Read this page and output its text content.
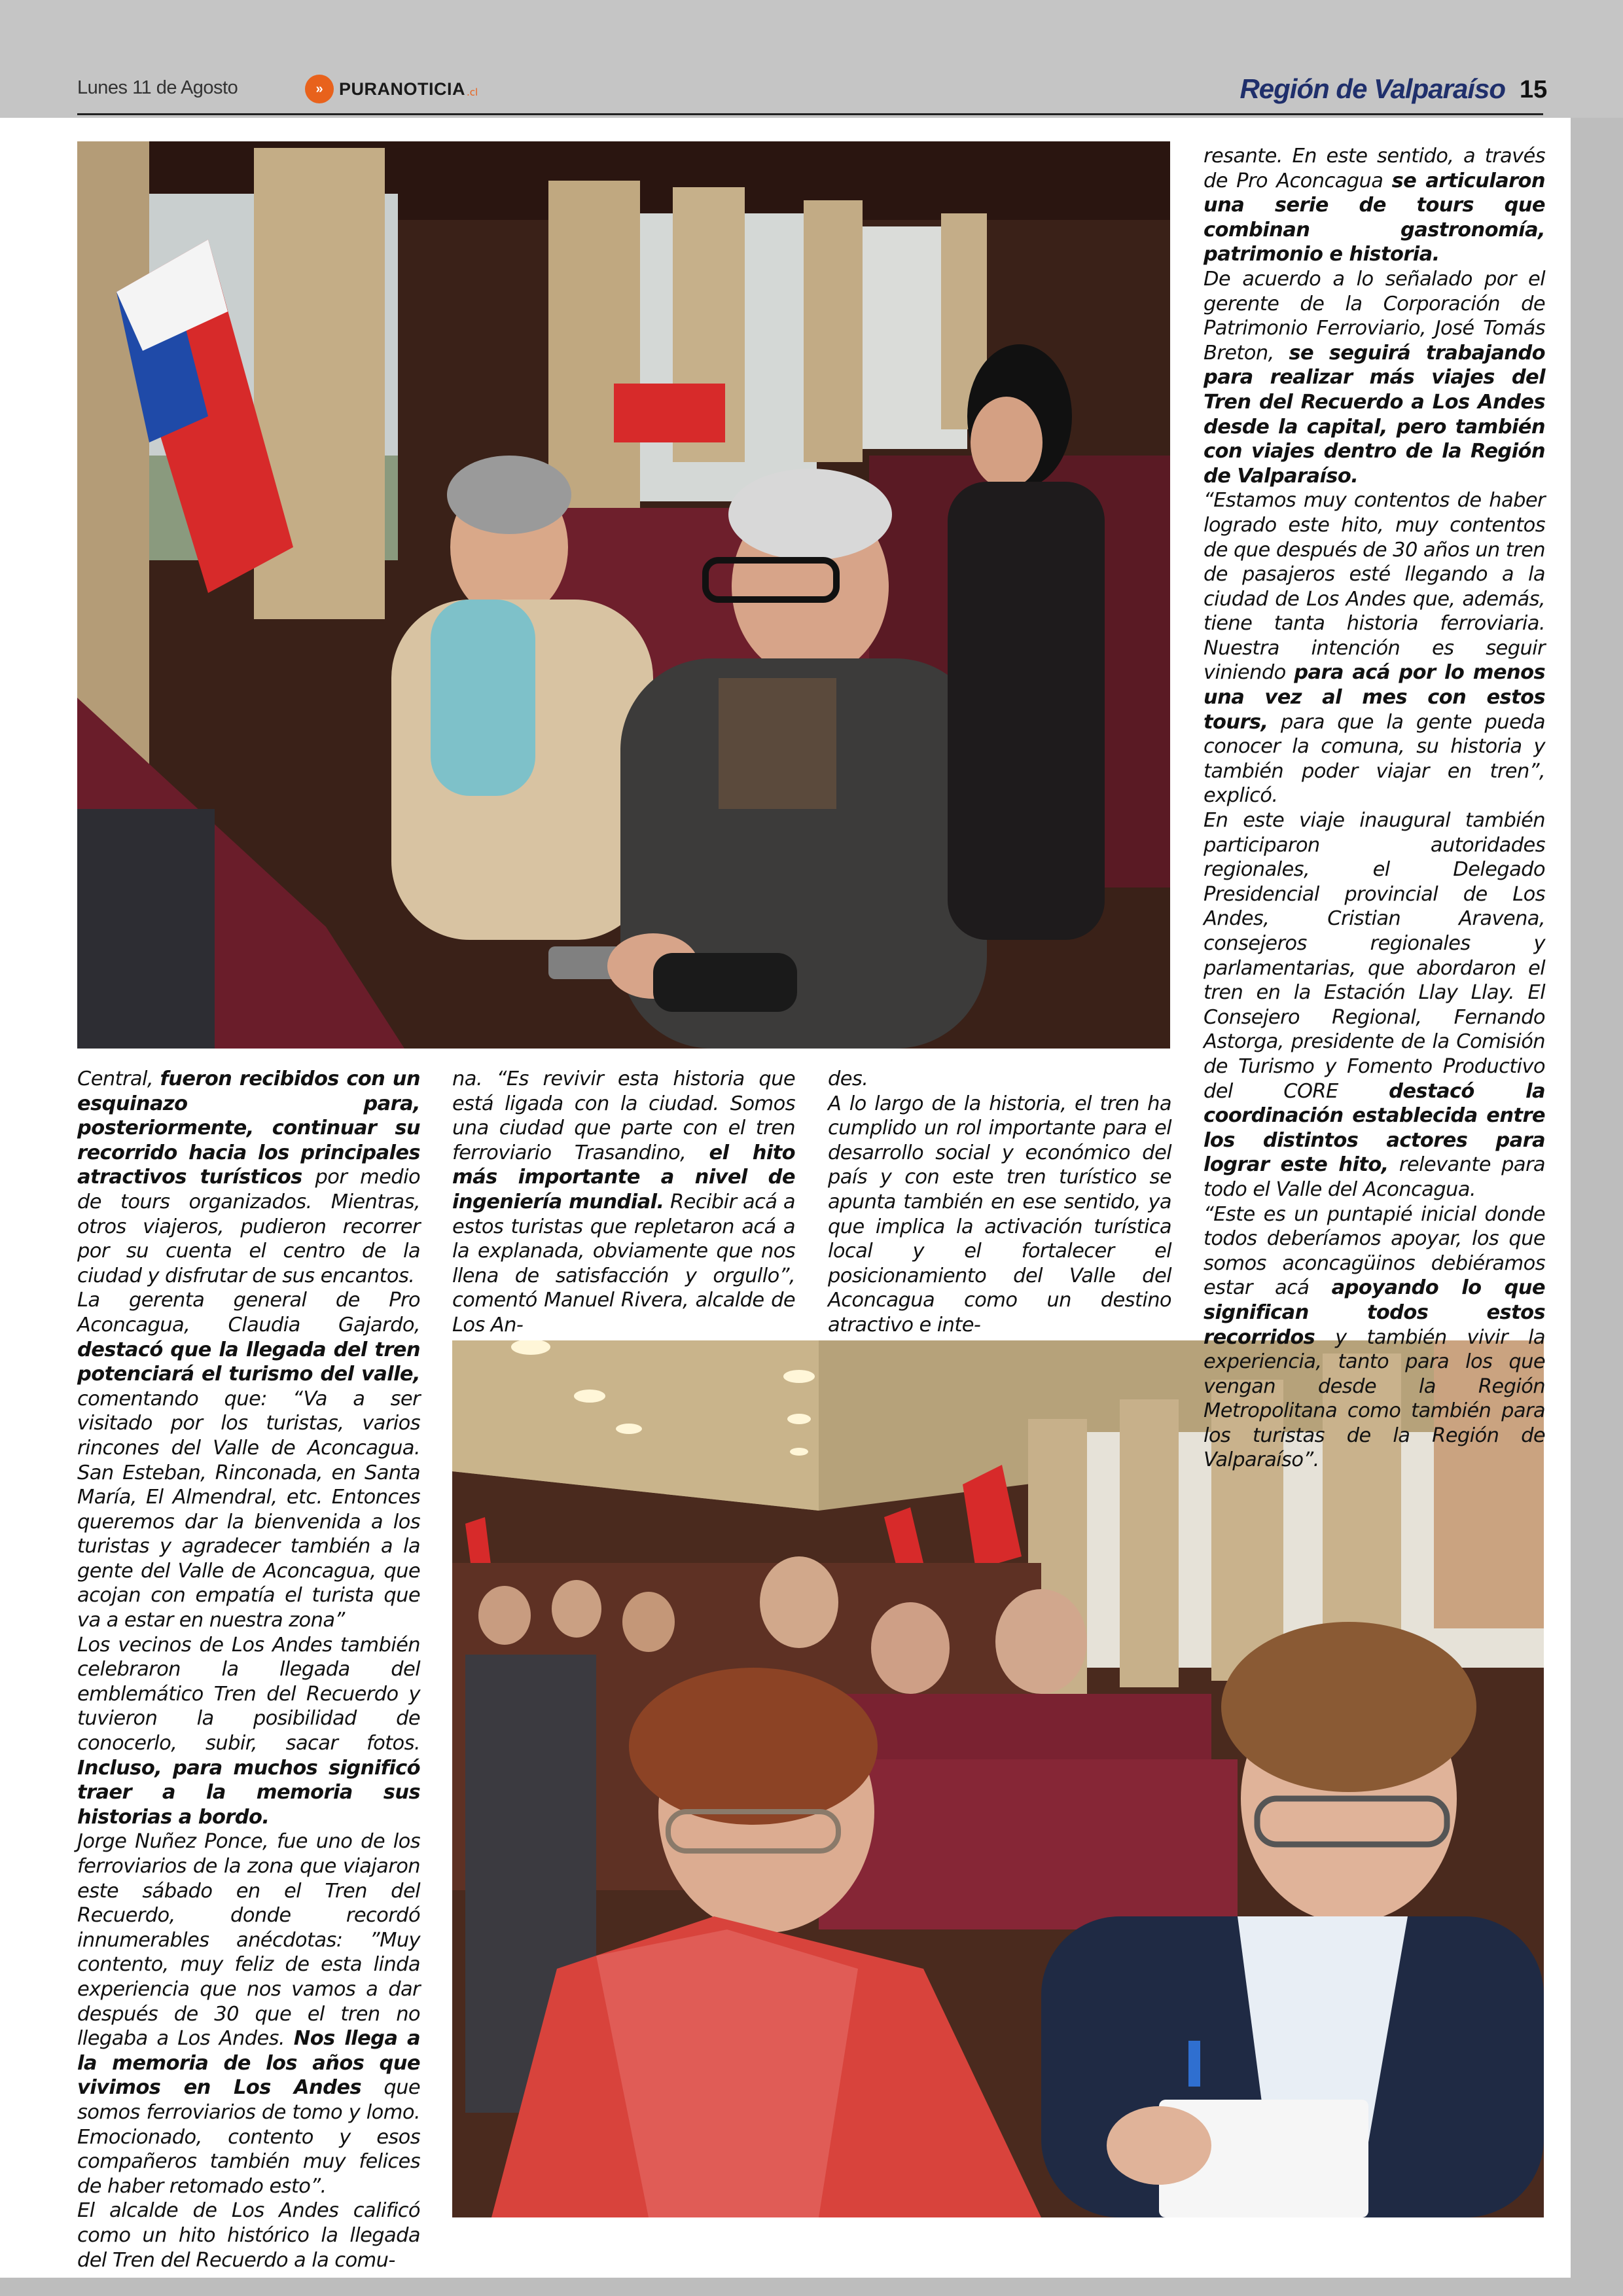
Lunes 11 de Agosto	» PURANOTICIA .cl	Región de Valparaíso 15

resante. En este sentido, a través de Pro Aconcagua se articularon una serie de tours que combinan gastronomía, patrimonio e historia.

De acuerdo a lo señalado por el gerente de la Corporación de Patrimonio Ferroviario, José Tomás Breton, se seguirá trabajando para realizar más viajes del Tren del Recuerdo a Los Andes desde la capital, pero también con viajes dentro de la Región de Valparaíso.

“Estamos muy contentos de haber logrado este hito, muy contentos de que después de 30 años un tren de pasajeros esté llegando a la ciudad de Los Andes que, además, tiene tanta historia ferroviaria. Nuestra intención es seguir viniendo para acá por lo menos una vez al mes con estos tours, para que la gente pueda conocer la comuna, su historia y también poder viajar en tren”, explicó.

En este viaje inaugural también participaron autoridades regionales, el Delegado Presidencial provincial de Los Andes, Cristian Aravena, consejeros regionales y parlamentarias, que abordaron el tren en la Estación Llay Llay. El Consejero Regional, Fernando Astorga, presidente de la Comisión de Turismo y Fomento Productivo del CORE destacó la coordinación establecida entre los distintos actores para lograr este hito, relevante para todo el Valle del Aconcagua.

“Este es un puntapié inicial donde todos deberíamos apoyar, los que somos aconcagüinos debiéramos estar acá apoyando lo que significan todos estos recorridos y también vivir la experiencia, tanto para los que vengan desde la Región Metropolitana como también para los turistas de la Región de Valparaíso”.

Central, fueron recibidos con un esquinazo para, posteriormente, continuar su recorrido hacia los principales atractivos turísticos por medio de tours organizados. Mientras, otros viajeros, pudieron recorrer por su cuenta el centro de la ciudad y disfrutar de sus encantos.

La gerenta general de Pro Aconcagua, Claudia Gajardo, destacó que la llegada del tren potenciará el turismo del valle, comentando que: “Va a ser visitado por los turistas, varios rincones del Valle de Aconcagua. San Esteban, Rinconada, en Santa María, El Almendral, etc. Entonces queremos dar la bienvenida a los turistas y agradecer también a la gente del Valle de Aconcagua, que acojan con empatía el turista que va a estar en nuestra zona”

Los vecinos de Los Andes también celebraron la llegada del emblemático Tren del Recuerdo y tuvieron la posibilidad de conocerlo, subir, sacar fotos. Incluso, para muchos significó traer a la memoria sus historias a bordo.

Jorge Nuñez Ponce, fue uno de los ferroviarios de la zona que viajaron este sábado en el Tren del Recuerdo, donde recordó innumerables anécdotas: ”Muy contento, muy feliz de esta linda experiencia que nos vamos a dar después de 30 que el tren no llegaba a Los Andes. Nos llega a la memoria de los años que vivimos en Los Andes que somos ferroviarios de tomo y lomo. Emocionado, contento y esos compañeros también muy felices de haber retomado esto”.

El alcalde de Los Andes calificó como un hito histórico la llegada del Tren del Recuerdo a la comu-

na. “Es revivir esta historia que está ligada con la ciudad. Somos una ciudad que parte con el tren ferroviario Trasandino, el hito más importante a nivel de ingeniería mundial. Recibir acá a estos turistas que repletaron acá a la explanada, obviamente que nos llena de satisfacción y orgullo”, comentó Manuel Rivera, alcalde de Los An-

des.

A lo largo de la historia, el tren ha cumplido un rol importante para el desarrollo social y económico del país y con este tren turístico se apunta también en ese sentido, ya que implica la activación turística local y el fortalecer el posicionamiento del Valle del Aconcagua como un destino atractivo e inte-
